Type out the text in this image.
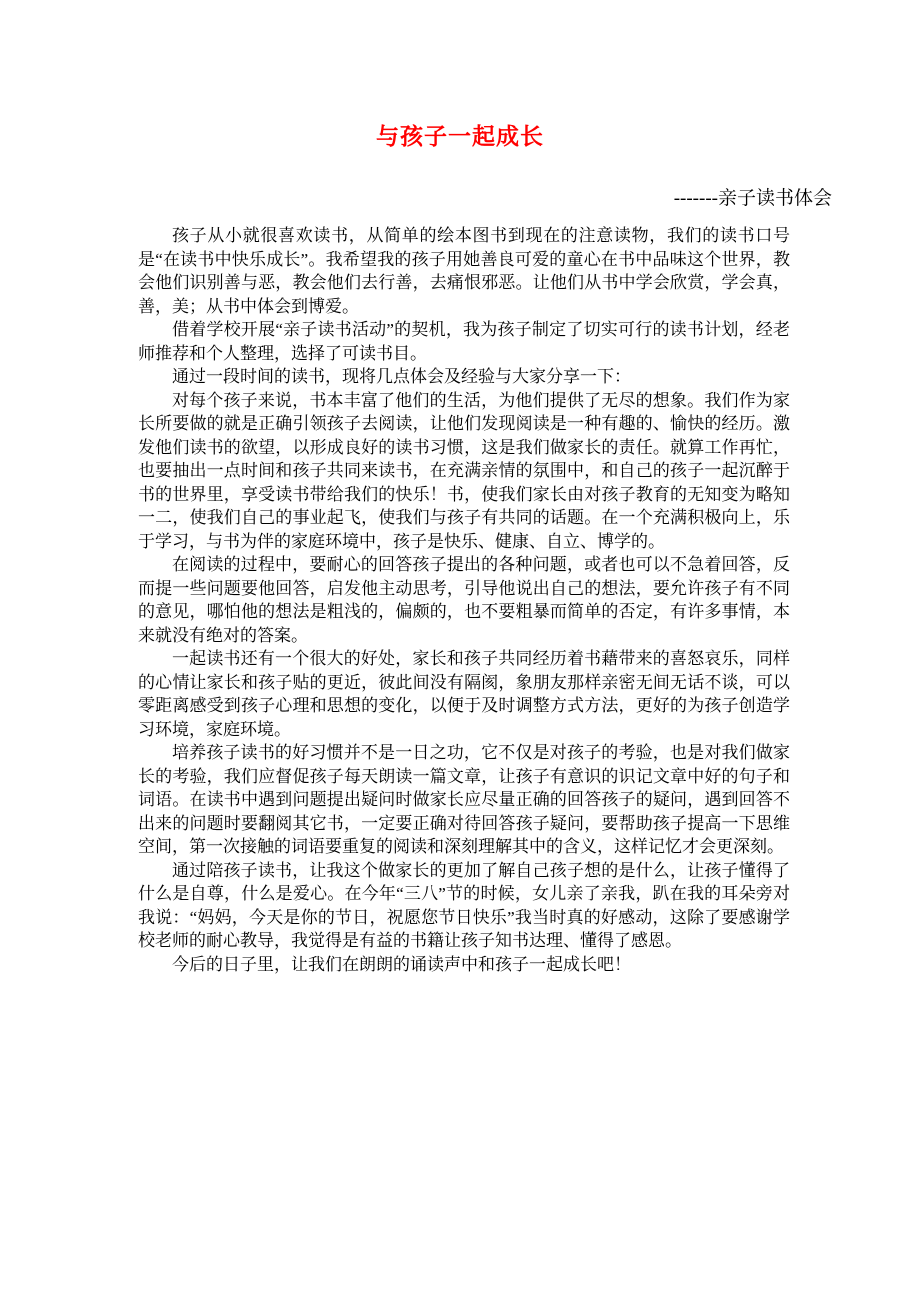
与孩子一起成长
-------亲子读书体会

孩子从小就很喜欢读书，从简单的绘本图书到现在的注意读物，我们的读书口号是“在读书中快乐成长”。我希望我的孩子用她善良可爱的童心在书中品味这个世界，教会他们识别善与恶，教会他们去行善，去痛恨邪恶。让他们从书中学会欣赏，学会真，善，美；从书中体会到博爱。

借着学校开展“亲子读书活动”的契机，我为孩子制定了切实可行的读书计划，经老师推荐和个人整理，选择了可读书目。

通过一段时间的读书，现将几点体会及经验与大家分享一下：

对每个孩子来说，书本丰富了他们的生活，为他们提供了无尽的想象。我们作为家长所要做的就是正确引领孩子去阅读，让他们发现阅读是一种有趣的、愉快的经历。激发他们读书的欲望，以形成良好的读书习惯，这是我们做家长的责任。就算工作再忙，也要抽出一点时间和孩子共同来读书，在充满亲情的氛围中，和自己的孩子一起沉醉于书的世界里，享受读书带给我们的快乐！书，使我们家长由对孩子教育的无知变为略知一二，使我们自己的事业起飞，使我们与孩子有共同的话题。在一个充满积极向上，乐于学习，与书为伴的家庭环境中，孩子是快乐、健康、自立、博学的。

在阅读的过程中，要耐心的回答孩子提出的各种问题，或者也可以不急着回答，反而提一些问题要他回答，启发他主动思考，引导他说出自己的想法，要允许孩子有不同的意见，哪怕他的想法是粗浅的，偏颇的，也不要粗暴而简单的否定，有许多事情，本来就没有绝对的答案。

一起读书还有一个很大的好处，家长和孩子共同经历着书藉带来的喜怒哀乐，同样的心情让家长和孩子贴的更近，彼此间没有隔阂，象朋友那样亲密无间无话不谈，可以零距离感受到孩子心理和思想的变化，以便于及时调整方式方法，更好的为孩子创造学习环境，家庭环境。

培养孩子读书的好习惯并不是一日之功，它不仅是对孩子的考验，也是对我们做家长的考验，我们应督促孩子每天朗读一篇文章，让孩子有意识的识记文章中好的句子和词语。在读书中遇到问题提出疑问时做家长应尽量正确的回答孩子的疑问，遇到回答不出来的问题时要翻阅其它书，一定要正确对待回答孩子疑问，要帮助孩子提高一下思维空间，第一次接触的词语要重复的阅读和深刻理解其中的含义，这样记忆才会更深刻。

通过陪孩子读书，让我这个做家长的更加了解自己孩子想的是什么，让孩子懂得了什么是自尊，什么是爱心。在今年“三八”节的时候，女儿亲了亲我，趴在我的耳朵旁对我说：“妈妈，今天是你的节日，祝愿您节日快乐”我当时真的好感动，这除了要感谢学校老师的耐心教导，我觉得是有益的书籍让孩子知书达理、懂得了感恩。

今后的日子里，让我们在朗朗的诵读声中和孩子一起成长吧！
